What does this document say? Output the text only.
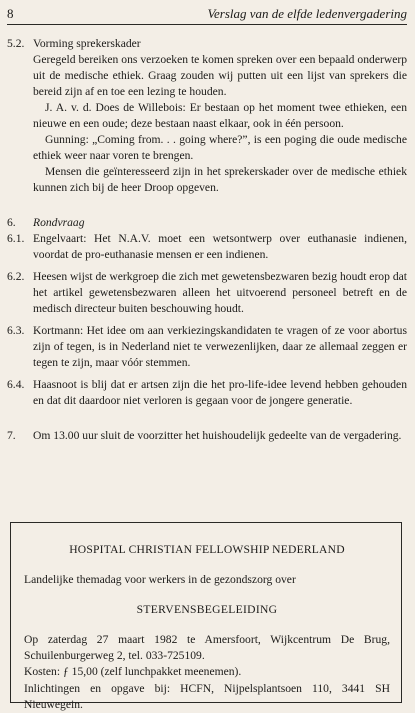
8	Verslag van de elfde ledenvergadering
5.2. Vorming sprekerskader

Geregeld bereiken ons verzoeken te komen spreken over een bepaald onderwerp uit de medische ethiek. Graag zouden wij putten uit een lijst van sprekers die bereid zijn af en toe een lezing te houden.

J. A. v. d. Does de Willebois: Er bestaan op het moment twee ethieken, een nieuwe en een oude; deze bestaan naast elkaar, ook in één persoon.

Gunning: „Coming from. . . going where?”, is een poging die oude medische ethiek weer naar voren te brengen.

Mensen die geïnteresseerd zijn in het sprekerskader over de medische ethiek kunnen zich bij de heer Droop opgeven.

6. Rondvraag

6.1. Engelvaart: Het N.A.V. moet een wetsontwerp over euthanasie indienen, voordat de pro-euthanasie mensen er een indienen.

6.2. Heesen wijst de werkgroep die zich met gewetensbezwaren bezig houdt erop dat het artikel gewetensbezwaren alleen het uitvoerend personeel betreft en de medisch directeur buiten beschouwing houdt.

6.3. Kortmann: Het idee om aan verkiezingskandidaten te vragen of ze voor abortus zijn of tegen, is in Nederland niet te verwezenlijken, daar ze allemaal zeggen er tegen te zijn, maar vóór stemmen.

6.4. Haasnoot is blij dat er artsen zijn die het pro-life-idee levend hebben gehouden en dat dit daardoor niet verloren is gegaan voor de jongere generatie.

7. Om 13.00 uur sluit de voorzitter het huishoudelijk gedeelte van de vergadering.

HOSPITAL CHRISTIAN FELLOWSHIP NEDERLAND
Landelijke themadag voor werkers in de gezondszorg over
STERVENSBEGELEIDING

Op zaterdag 27 maart 1982 te Amersfoort, Wijkcentrum De Brug, Schuilenburgerweg 2, tel. 033-725109.

Kosten: ƒ 15,00 (zelf lunchpakket meenemen).

Inlichtingen en opgave bij: HCFN, Nijpelsplantsoen 110, 3441 SH Nieuwegein.
